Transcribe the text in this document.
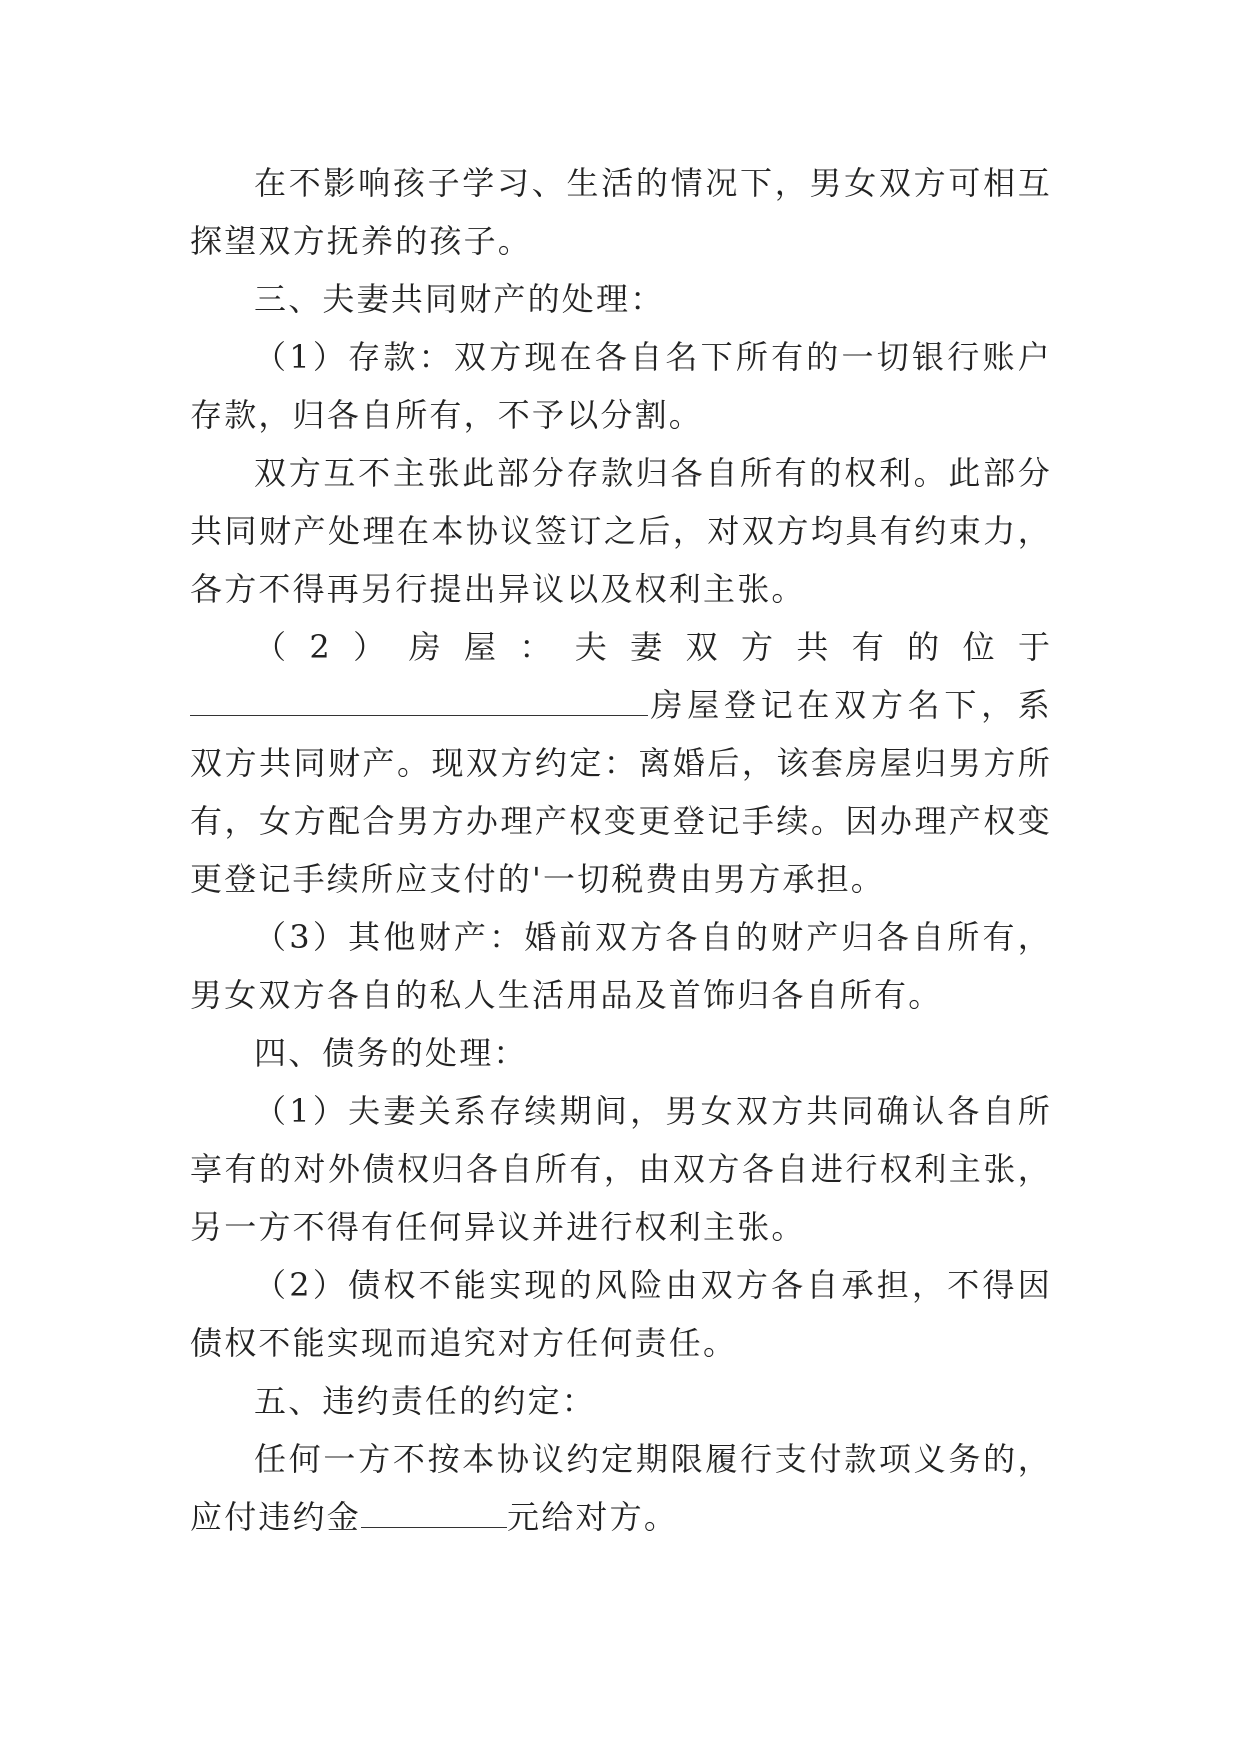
在不影响孩子学习、生活的情况下，男女双方可相互探望双方抚养的孩子。

三、夫妻共同财产的处理：

（1）存款：双方现在各自名下所有的一切银行账户存款，归各自所有，不予以分割。

双方互不主张此部分存款归各自所有的权利。此部分共同财产处理在本协议签订之后，对双方均具有约束力，各方不得再另行提出异议以及权利主张。

（2）房屋：夫妻双方共有的位于
房屋登记在双方名下，系双方共同财产。现双方约定：离婚后，该套房屋归男方所有，女方配合男方办理产权变更登记手续。因办理产权变更登记手续所应支付的'一切税费由男方承担。

（3）其他财产：婚前双方各自的财产归各自所有，男女双方各自的私人生活用品及首饰归各自所有。

四、债务的处理：

（1）夫妻关系存续期间，男女双方共同确认各自所享有的对外债权归各自所有，由双方各自进行权利主张，另一方不得有任何异议并进行权利主张。

（2）债权不能实现的风险由双方各自承担，不得因债权不能实现而追究对方任何责任。

五、违约责任的约定：

任何一方不按本协议约定期限履行支付款项义务的，应付违约金	元给对方。
